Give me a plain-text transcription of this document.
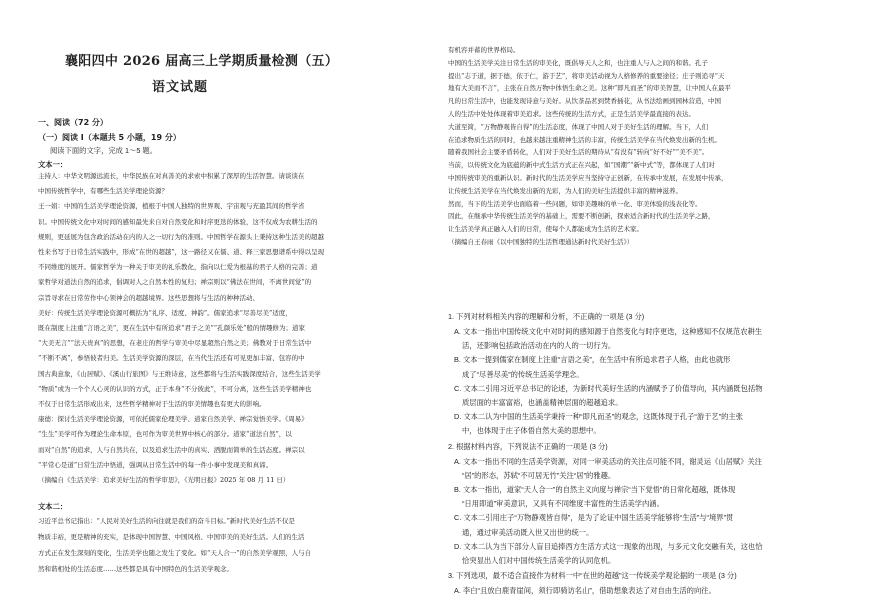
襄阳四中 2026 届高三上学期质量检测（五）
语文试题
一、阅读（72 分）
（一）阅读 I（本题共 5 小题，19 分）
阅读下面的文字，完成 1～5 题。
文本一：
主持人：中华文明源远流长，中华民族在对真善美的求索中积累了深厚的生活智慧。请谈谈在
中国传统哲学中，有哪些生活美学理论资源？
王一娟：中国的生活美学理论资源，植根于中国人独特的世界观、宇宙观与充盈其间的哲学省
识。中国传统文化中对时间的感知最先来自对自然变化和时序更迭的体验，这不仅成为农耕生活的
规则，更延展为包含政治活动在内的人之一切行为的准则。中国哲学在源头上秉持这种生活美的超越
性来书写于日常生活实践中，形成“在世的超越”，这一路径又在儒、道、释三家思想谱系中得以呈现
不同维度的展开。儒家哲学为一种关于审美的礼乐教化，指向以仁爱为根基的君子人格的完善；道
家哲学对道法自然的追求，倡调对人之自然本性的复归；禅宗则以“佛法在世间，不离世间觉”的
宗旨寻求在日常劳作中心领神会的超越境界。这些思想将与生活的种种活动、
美好：传统生活美学理论资源可概括为“礼序、适度、神韵”。儒家追求“尽善尽美”适度，
既在制度上注重“言语之美”，更在生活中有所追求“君子之美”“孔颜乐处”般的情趣修为；道家
“大美无言”“法天贵真”的思想，在老庄的哲学与审美中尽显超然自然之美；佛教对于日常生活中
“不断不离”，参悟彼者归美。生活美学资源的深层，在当代生活还有可见更加丰富、包容的中
国古典意象，《山居赋》、《溪山行旅图》与王维诗意，这些都将与生活实践深度结合，这些生活美学
“物质”或为一个个人心灵的认识的方式，正于本身“不分彼此”，不可分离，这些生活美学精神也
不仅于日常生活形成出来，这些哲学精神对于生活的审美情趣也有更大的影响。
康德：探讨生活美学理论资源，可依托儒家伦理美学、道家自然美学、禅宗觉悟美学。《周易》
“生生”美学可作为理论生命本原，也可作为审美世界中核心的部分。道家“道法自然”，以
而对“自然”的追求，人与自然共在，以及追求生活中的真实、洒脱而简单的生活态度。禅宗以
“平常心是道”日常生活中悟道，强调从日常生活中的每一件小事中发现美和真谛。
（摘编自《生活美学：追求美好生活的哲学审思》，《光明日报》2025 年 08 月 11 日）
文本二：
习近平总书记指出：“人民对美好生活的向往就是我们的奋斗目标。”新时代美好生活不仅是
物质丰裕，更是精神的充实，是体现中国智慧、中国风格、中国审美的美好生活。人们的生活
方式正在发生深刻的变化，生活美学也随之发生了变化。如“天人合一”的自然美学观照，人与自
然和谐相处的生活态度……这些都是具有中国特色的生活美学观念。
有机容并蓄的世界格局。
中国的生活美学关注日常生活的审美化，既倡导天人之和，也注重人与人之间的和谐。孔子
提出“志于道，据于德，依于仁，游于艺”，将审美活动视为人格修养的重要途径；庄子则追寻“天
地有大美而不言”，主张在自然万物中体悟生命之美。这种“即凡而圣”的审美智慧，让中国人在最平
凡的日常生活中，也能发现诗意与美好。从饮茶品茗到焚香插花，从书法绘画到园林营造，中国
人的生活中处处体现着审美追求。这些传统的生活方式，正是生活美学最直接的表达。
大道至简，“万物静观皆自得”的生活态度，体现了中国人对于美好生活的理解。当下，人们
在追求物质生活的同时，也越来越注重精神生活的丰富，传统生活美学在当代焕发出新的生机。
随着我国社会主要矛盾转化，人们对于美好生活的期待从“有没有”转向“好不好”“美不美”。
当前，以传统文化为底蕴的新中式生活方式正在兴起，如“国潮”“新中式”等，都体现了人们对
中国传统审美的重新认识。新时代的生活美学应当坚持守正创新，在传承中发展，在发展中传承，
让传统生活美学在当代焕发出新的光彩，为人们的美好生活提供丰富的精神滋养。
然而，当下的生活美学也面临着一些问题，如审美趣味的单一化、审美体验的浅表化等。
因此，在继承中华传统生活美学的基础上，需要不断创新，探索适合新时代的生活美学之路，
让生活美学真正融入人们的日常，使每个人都能成为生活的艺术家。
（摘编自王春雨《以中国独特的生活哲理通达新时代美好生活》）
1. 下列对材料相关内容的理解和分析，不正确的一项是 (3 分)
A. 文本一指出中国传统文化中对时间的感知源于自然变化与时序更迭，这种感知不仅规范农耕生
活，还影响包括政治活动在内的人的一切行为。
B. 文本一提到儒家在制度上注重“言语之美”，在生活中有所追求君子人格，由此也就形
成了“尽善尽美”的传统生活美学理念。
C. 文本二引用习近平总书记的论述，为新时代美好生活的内涵赋予了价值导向，其内涵既包括物
质层面的丰富富裕，也涵盖精神层面的超越追求。
D. 文本二认为中国的生活美学秉持一种“即凡而圣”的观念，这既体现于孔子“游于艺”的主张
中，也体现于庄子体悟自然大美的思想中。
2. 根据材料内容，下列说法不正确的一项是 (3 分)
A. 文本一指出不同的生活美学资源，对同一审美活动的关注点可能不同，谢灵运《山居赋》关注
“居”的形态，苏轼“不可居无竹”关注“居”的雅趣。
B. 文本一指出，道家“天人合一”的自然主义向度与禅宗“当下觉悟”的日常化超越，既体现
“日用即道”审美意识，又具有不同维度丰富性的生活美学内涵。
C. 文本二引用庄子“万物静观皆自得”，是为了论证中国生活美学能够将“生活”与“境界”贯
通，通过审美活动既入世又出世的统一。
D. 文本二认为当下部分人盲目追捧西方生活方式这一现象的出现，与多元文化交融有关，这也恰
恰突显出人们对中国传统生活美学的认同危机。
3. 下列选项，最不适合直接作为材料一中“在世的超越”这一传统美学观论据的一项是 (3 分)
A. 李白“且放白鹿青崖间，须行即骑访名山”，借助想象表达了对自由生活的向往。
